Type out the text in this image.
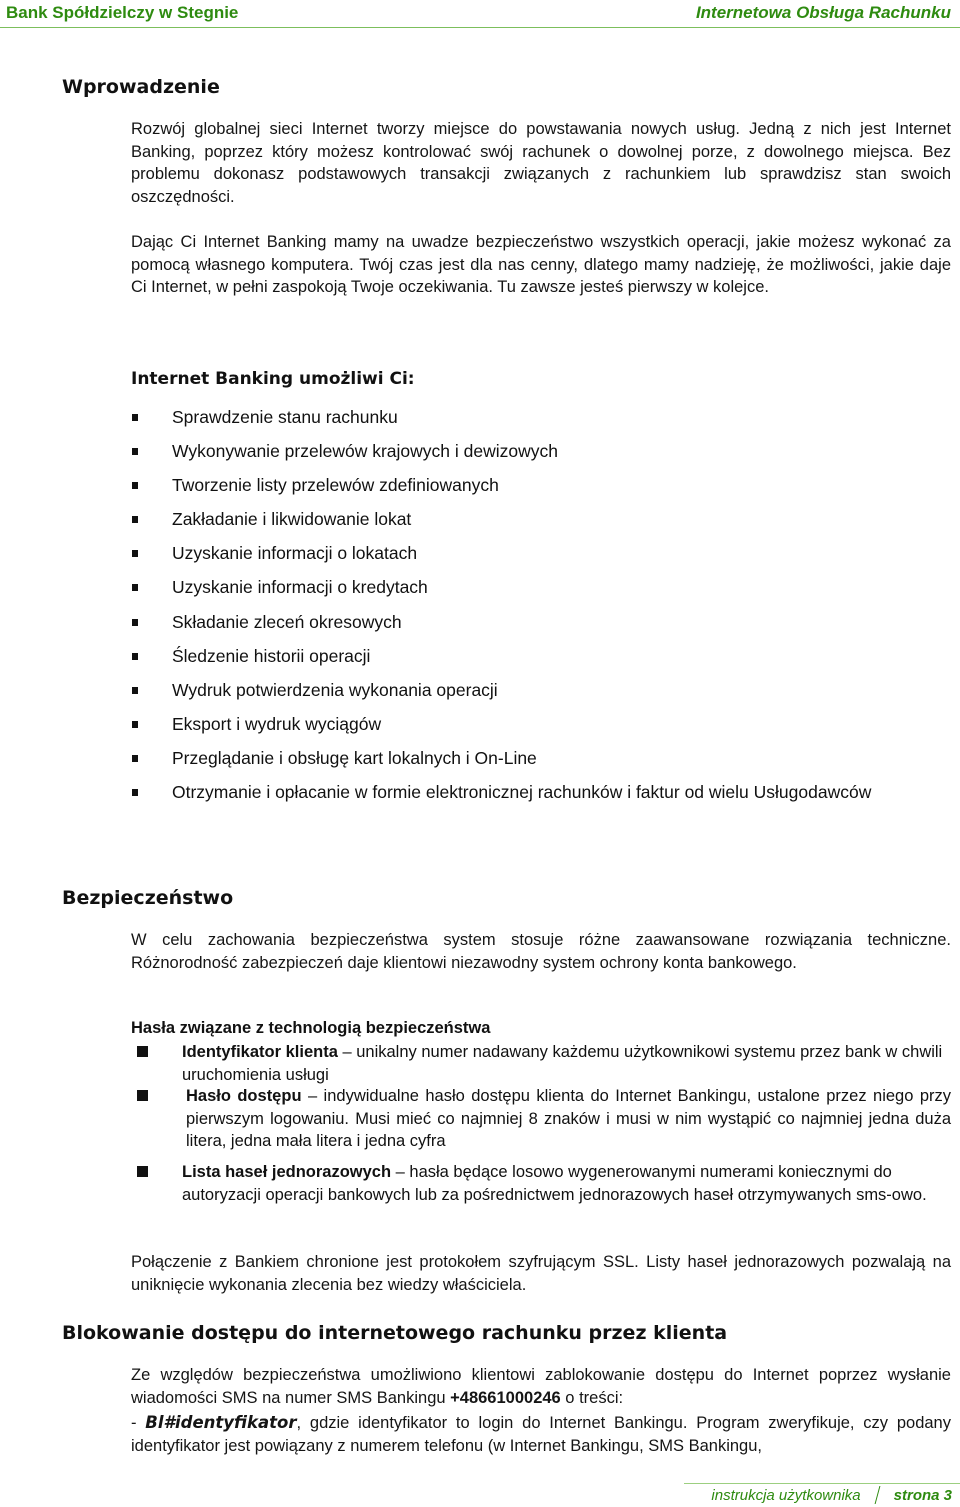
Bank Spółdzielczy w Stegnie	Internetowa Obsługa Rachunku
Wprowadzenie

Rozwój globalnej sieci Internet tworzy miejsce do powstawania nowych usług. Jedną z nich jest Internet Banking, poprzez który możesz kontrolować swój rachunek o dowolnej porze, z dowolnego miejsca. Bez problemu dokonasz podstawowych transakcji związanych z rachunkiem lub sprawdzisz stan swoich oszczędności.

Dając Ci Internet Banking mamy na uwadze bezpieczeństwo wszystkich operacji, jakie możesz wykonać za pomocą własnego komputera. Twój czas jest dla nas cenny, dlatego mamy nadzieję, że możliwości, jakie daje Ci Internet, w pełni zaspokoją Twoje oczekiwania. Tu zawsze jesteś pierwszy w kolejce.

Internet Banking umożliwi Ci:
Sprawdzenie stanu rachunku
Wykonywanie przelewów krajowych i dewizowych
Tworzenie listy przelewów zdefiniowanych
Zakładanie i likwidowanie lokat
Uzyskanie informacji o lokatach
Uzyskanie informacji o kredytach
Składanie zleceń okresowych
Śledzenie historii operacji
Wydruk potwierdzenia wykonania operacji
Eksport i wydruk wyciągów
Przeglądanie i obsługę kart lokalnych i On-Line
Otrzymanie i opłacanie w formie elektronicznej rachunków i faktur od wielu Usługodawców
Bezpieczeństwo

W celu zachowania bezpieczeństwa system stosuje różne zaawansowane rozwiązania techniczne. Różnorodność zabezpieczeń daje klientowi niezawodny system ochrony konta bankowego.

Hasła związane z technologią bezpieczeństwa

Identyfikator klienta – unikalny numer nadawany każdemu użytkownikowi systemu przez bank w chwili uruchomienia usługi
Hasło dostępu – indywidualne hasło dostępu klienta do Internet Bankingu, ustalone przez niego przy pierwszym logowaniu. Musi mieć co najmniej 8 znaków i musi w nim wystąpić co najmniej jedna duża litera, jedna mała litera i jedna cyfra
Lista haseł jednorazowych – hasła będące losowo wygenerowanymi numerami koniecznymi do autoryzacji operacji bankowych lub za pośrednictwem jednorazowych haseł otrzymywanych sms-owo.

Połączenie z Bankiem chronione jest protokołem szyfrującym SSL. Listy haseł jednorazowych pozwalają na uniknięcie wykonania zlecenia bez wiedzy właściciela.

Blokowanie dostępu do internetowego rachunku przez klienta

Ze względów bezpieczeństwa umożliwiono klientowi zablokowanie dostępu do Internet poprzez wysłanie wiadomości SMS na numer SMS Bankingu +48661000246 o treści:

- Bl#identyfikator, gdzie identyfikator to login do Internet Bankingu. Program zweryfikuje, czy podany identyfikator jest powiązany z numerem telefonu (w Internet Bankingu, SMS Bankingu,

instrukcja użytkownika strona 3
